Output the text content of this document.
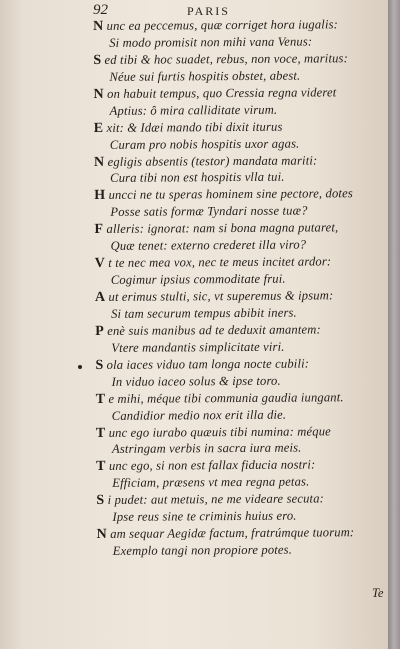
92	PARIS
N unc ea peccemus, quæ corriget hora iugalis:
Si modo promisit non mihi vana Venus:
S ed tibi & hoc suadet, rebus, non voce, maritus:
Néue sui furtis hospitis obstet, abest.
N on habuit tempus, quo Cressia regna videret
Aptius: ô mira calliditate virum.
E xit: & Idæi mando tibi dixit iturus
Curam pro nobis hospitis uxor agas.
N egligis absentis (testor) mandata mariti:
Cura tibi non est hospitis vlla tui.
H uncci ne tu speras hominem sine pectore, dotes
Posse satis formæ Tyndari nosse tuæ?
F alleris: ignorat: nam si bona magna putaret,
Quæ tenet: externo crederet illa viro?
V t te nec mea vox, nec te meus incitet ardor:
Cogimur ipsius commoditate frui.
A ut erimus stulti, sic, vt superemus & ipsum:
Si tam securum tempus abibit iners.
P enè suis manibus ad te deduxit amantem:
Vtere mandantis simplicitate viri.
S ola iaces viduo tam longa nocte cubili:
In viduo iaceo solus & ipse toro.
T e mihi, méque tibi communia gaudia iungant.
Candidior medio nox erit illa die.
T unc ego iurabo quæuis tibi numina: méque
Astringam verbis in sacra iura meis.
T unc ego, si non est fallax fiducia nostri:
Efficiam, præsens vt mea regna petas.
S i pudet: aut metuis, ne me videare secuta:
Ipse reus sine te criminis huius ero.
N am sequar Aegidæ factum, fratrúmque tuorum:
Exemplo tangi non propiore potes.
Te
